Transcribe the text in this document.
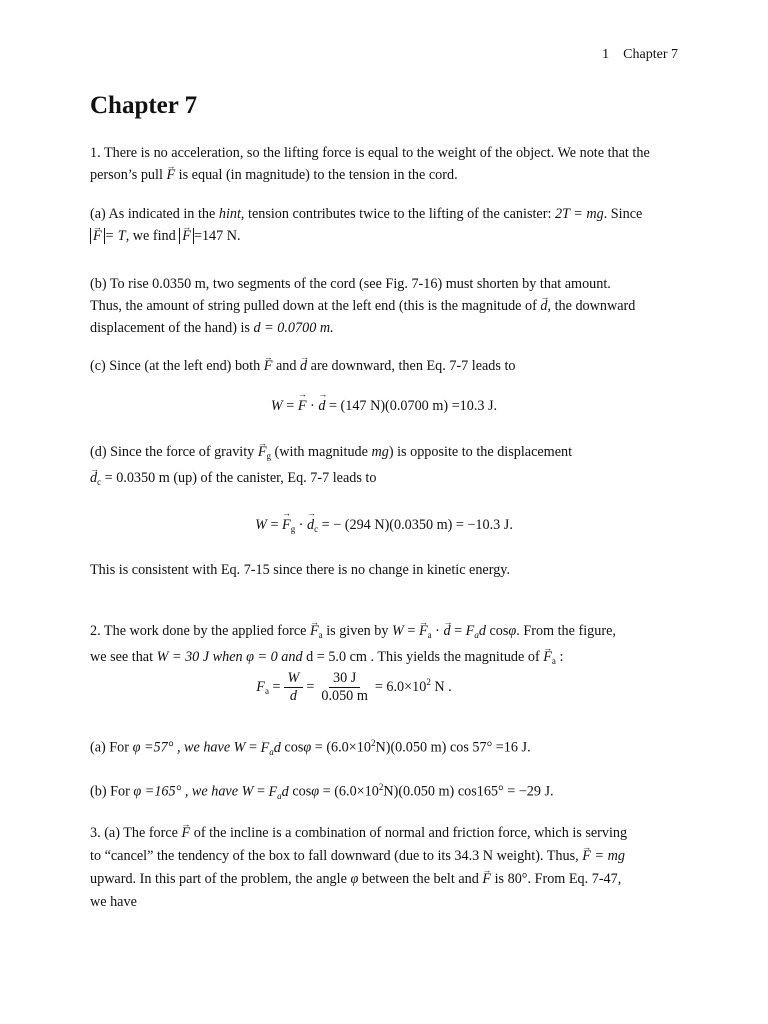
1 Chapter 7
Chapter 7

1. There is no acceleration, so the lifting force is equal to the weight of the object. We note that the person’s pull → F is equal (in magnitude) to the tension in the cord.

(a) As indicated in the hint, tension contributes twice to the lifting of the canister: 2T = mg. Since
→ F = T, we find → F =147 N.

(b) To rise 0.0350 m, two segments of the cord (see Fig. 7-16) must shorten by that amount.
Thus, the amount of string pulled down at the left end (this is the magnitude of → d, the downward
displacement of the hand) is d = 0.0700 m.

(c) Since (at the left end) both → F and → d are downward, then Eq. 7-7 leads to

W = → F · → d = (147 N)(0.0700 m) =10.3 J.

(d) Since the force of gravity → $F_g$ (with magnitude mg) is opposite to the displacement
→ $d_c = 0.0350$ m (up) of the canister, Eq. 7-7 leads to

W = → $F_g$ · → $d_c$ = − (294 N)(0.0350 m) = −10.3 J.

This is consistent with Eq. 7-15 since there is no change in kinetic energy.

2. The work done by the applied force → $F_a$ is given by W = → $F_a$ · → $d = F_ad$ cosφ. From the figure,
we see that W = 30 J when φ = 0 and d = 5.0 cm . This yields the magnitude of → $F_a$ :

$F_a = \frac{W}{d} = \frac{30 J}{0.050 m} = 6.0\times 10^2$ N .

(a) For φ =57° , we have $W = F_ad$ $\cos\varphi = (6.0\times 10^2N)(0.050$ m) cos 57° =16 J.

(b) For φ =165° , we have $W = F_ad$ $\cos\varphi = (6.0\times 10^2N)(0.050$ m) cos165° = −29 J.

3. (a) The force → F of the incline is a combination of normal and friction force, which is serving
to “cancel” the tendency of the box to fall downward (due to its 34.3 N weight). Thus, → F = mg
upward. In this part of the problem, the angle φ between the belt and → F is 80°. From Eq. 7-47,
we have
